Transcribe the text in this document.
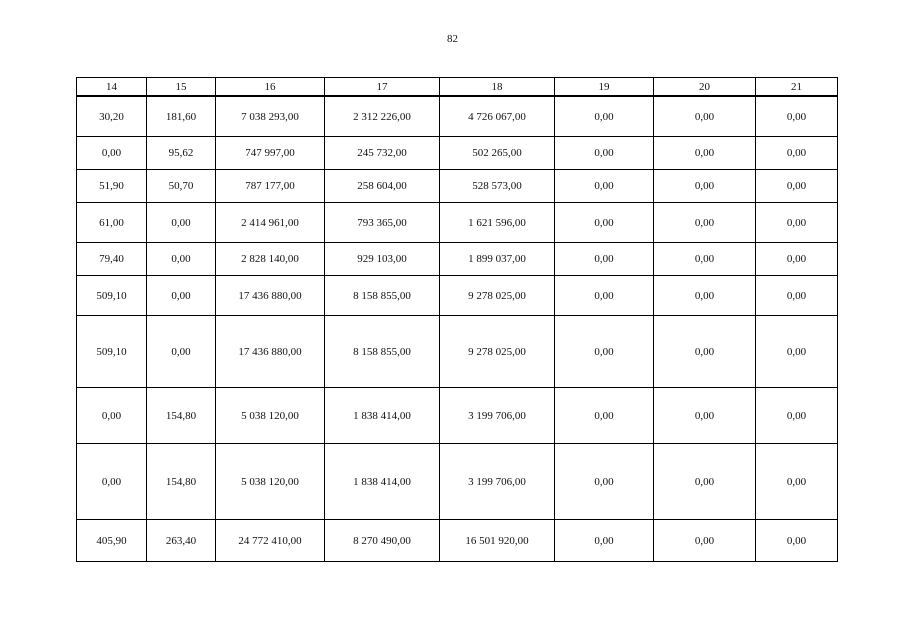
82
14	15	16	17	18	19	20	21
30,20	181,60	7 038 293,00	2 312 226,00	4 726 067,00	0,00	0,00	0,00
0,00	95,62	747 997,00	245 732,00	502 265,00	0,00	0,00	0,00
51,90	50,70	787 177,00	258 604,00	528 573,00	0,00	0,00	0,00
61,00	0,00	2 414 961,00	793 365,00	1 621 596,00	0,00	0,00	0,00
79,40	0,00	2 828 140,00	929 103,00	1 899 037,00	0,00	0,00	0,00
509,10	0,00	17 436 880,00	8 158 855,00	9 278 025,00	0,00	0,00	0,00
509,10	0,00	17 436 880,00	8 158 855,00	9 278 025,00	0,00	0,00	0,00
0,00	154,80	5 038 120,00	1 838 414,00	3 199 706,00	0,00	0,00	0,00
0,00	154,80	5 038 120,00	1 838 414,00	3 199 706,00	0,00	0,00	0,00
405,90	263,40	24 772 410,00	8 270 490,00	16 501 920,00	0,00	0,00	0,00
